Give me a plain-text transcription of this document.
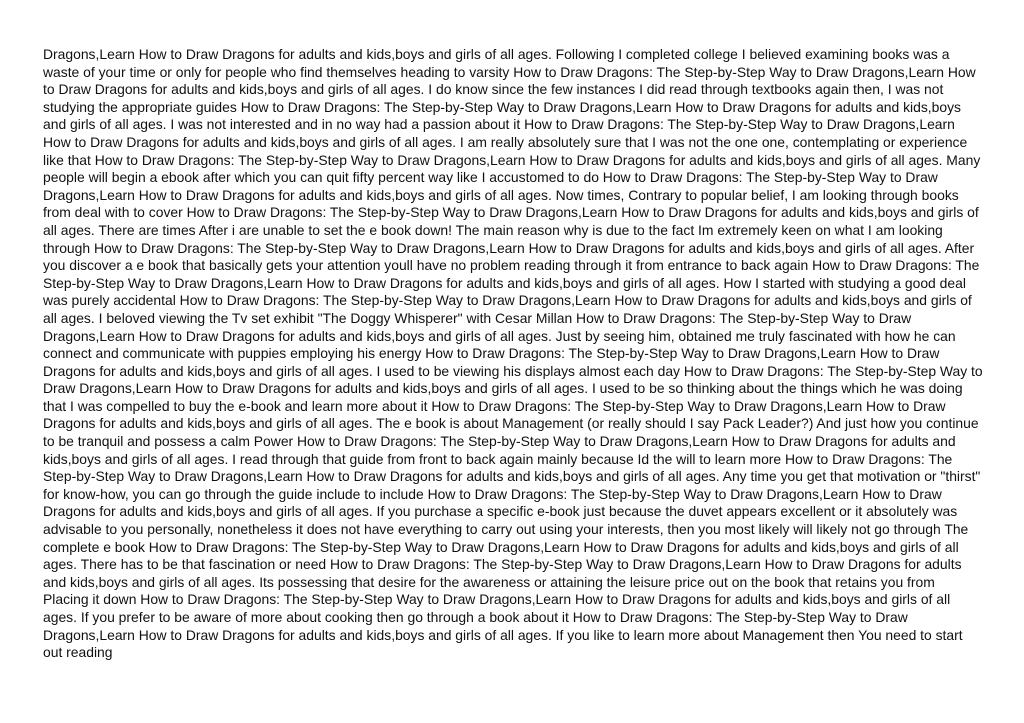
Dragons,Learn How to Draw Dragons for adults and kids,boys and girls of all ages. Following I completed college I believed examining books was a waste of your time or only for people who find themselves heading to varsity How to Draw Dragons: The Step-by-Step Way to Draw Dragons,Learn How to Draw Dragons for adults and kids,boys and girls of all ages. I do know since the few instances I did read through textbooks again then, I was not studying the appropriate guides How to Draw Dragons: The Step-by-Step Way to Draw Dragons,Learn How to Draw Dragons for adults and kids,boys and girls of all ages. I was not interested and in no way had a passion about it How to Draw Dragons: The Step-by-Step Way to Draw Dragons,Learn How to Draw Dragons for adults and kids,boys and girls of all ages. I am really absolutely sure that I was not the one one, contemplating or experience like that How to Draw Dragons: The Step-by-Step Way to Draw Dragons,Learn How to Draw Dragons for adults and kids,boys and girls of all ages. Many people will begin a ebook after which you can quit fifty percent way like I accustomed to do How to Draw Dragons: The Step-by-Step Way to Draw Dragons,Learn How to Draw Dragons for adults and kids,boys and girls of all ages. Now times, Contrary to popular belief, I am looking through books from deal with to cover How to Draw Dragons: The Step-by-Step Way to Draw Dragons,Learn How to Draw Dragons for adults and kids,boys and girls of all ages. There are times After i are unable to set the e book down! The main reason why is due to the fact Im extremely keen on what I am looking through How to Draw Dragons: The Step-by-Step Way to Draw Dragons,Learn How to Draw Dragons for adults and kids,boys and girls of all ages. After you discover a e book that basically gets your attention youll have no problem reading through it from entrance to back again How to Draw Dragons: The Step-by-Step Way to Draw Dragons,Learn How to Draw Dragons for adults and kids,boys and girls of all ages. How I started with studying a good deal was purely accidental How to Draw Dragons: The Step-by-Step Way to Draw Dragons,Learn How to Draw Dragons for adults and kids,boys and girls of all ages. I beloved viewing the Tv set exhibit "The Doggy Whisperer" with Cesar Millan How to Draw Dragons: The Step-by-Step Way to Draw Dragons,Learn How to Draw Dragons for adults and kids,boys and girls of all ages. Just by seeing him, obtained me truly fascinated with how he can connect and communicate with puppies employing his energy How to Draw Dragons: The Step-by-Step Way to Draw Dragons,Learn How to Draw Dragons for adults and kids,boys and girls of all ages. I used to be viewing his displays almost each day How to Draw Dragons: The Step-by-Step Way to Draw Dragons,Learn How to Draw Dragons for adults and kids,boys and girls of all ages. I used to be so thinking about the things which he was doing that I was compelled to buy the e-book and learn more about it How to Draw Dragons: The Step-by-Step Way to Draw Dragons,Learn How to Draw Dragons for adults and kids,boys and girls of all ages. The e book is about Management (or really should I say Pack Leader?) And just how you continue to be tranquil and possess a calm Power How to Draw Dragons: The Step-by-Step Way to Draw Dragons,Learn How to Draw Dragons for adults and kids,boys and girls of all ages. I read through that guide from front to back again mainly because Id the will to learn more How to Draw Dragons: The Step-by-Step Way to Draw Dragons,Learn How to Draw Dragons for adults and kids,boys and girls of all ages. Any time you get that motivation or "thirst" for know-how, you can go through the guide include to include How to Draw Dragons: The Step-by-Step Way to Draw Dragons,Learn How to Draw Dragons for adults and kids,boys and girls of all ages. If you purchase a specific e-book just because the duvet appears excellent or it absolutely was advisable to you personally, nonetheless it does not have everything to carry out using your interests, then you most likely will likely not go through The complete e book How to Draw Dragons: The Step-by-Step Way to Draw Dragons,Learn How to Draw Dragons for adults and kids,boys and girls of all ages. There has to be that fascination or need How to Draw Dragons: The Step-by-Step Way to Draw Dragons,Learn How to Draw Dragons for adults and kids,boys and girls of all ages. Its possessing that desire for the awareness or attaining the leisure price out on the book that retains you from Placing it down How to Draw Dragons: The Step-by-Step Way to Draw Dragons,Learn How to Draw Dragons for adults and kids,boys and girls of all ages. If you prefer to be aware of more about cooking then go through a book about it How to Draw Dragons: The Step-by-Step Way to Draw Dragons,Learn How to Draw Dragons for adults and kids,boys and girls of all ages. If you like to learn more about Management then You need to start out reading
